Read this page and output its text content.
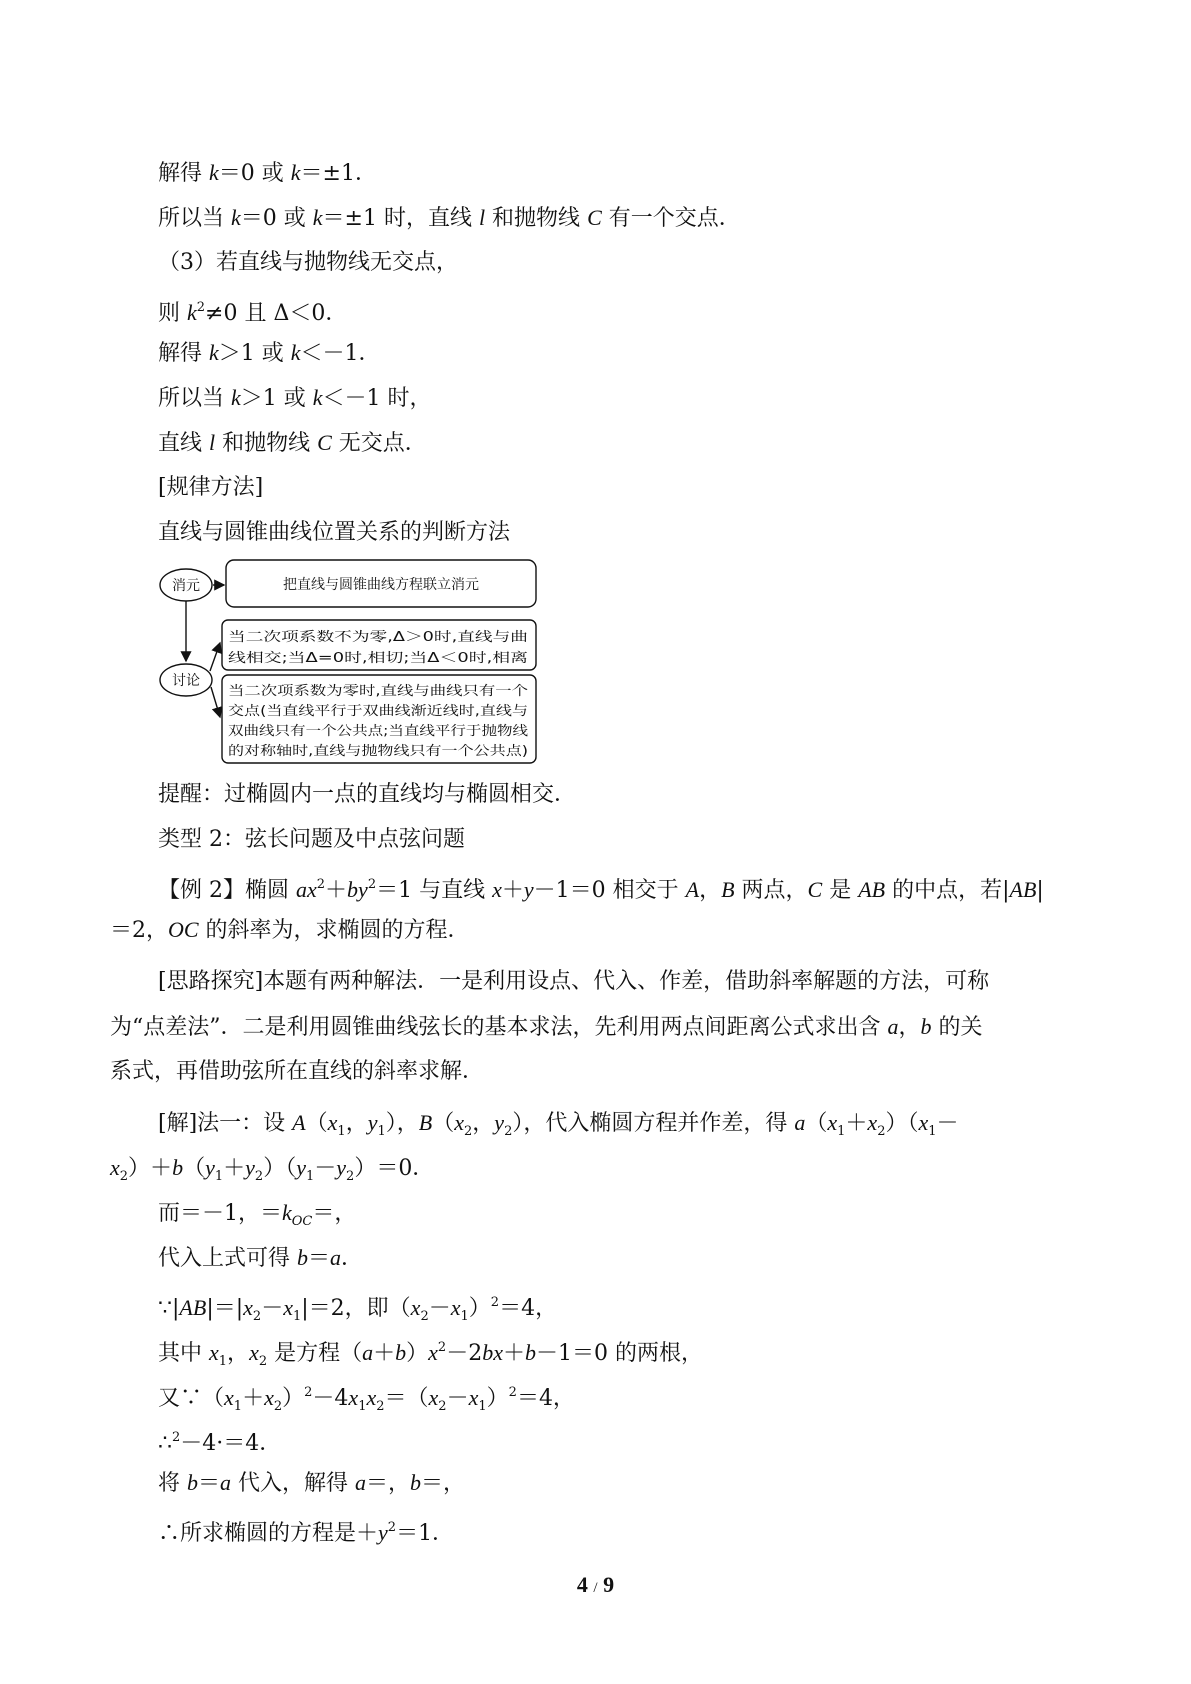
解得 k＝0 或 k＝±1．
所以当 k＝0 或 k＝±1 时，直线 l 和抛物线 C 有一个交点．
（3）若直线与抛物线无交点，
则 $k^2\ne 0$ 且 Δ＜0．
解得 k＞1 或 k＜－1．
所以当 k＞1 或 k＜－1 时，
直线 l 和抛物线 C 无交点．
[规律方法]
直线与圆锥曲线位置关系的判断方法
消元
讨论
把直线与圆锥曲线方程联立消元
当二次项系数不为零,Δ＞0时,直线与曲
线相交;当Δ=0时,相切;当Δ＜0时,相离
当二次项系数为零时,直线与曲线只有一个
交点(当直线平行于双曲线渐近线时,直线与
双曲线只有一个公共点;当直线平行于抛物线
的对称轴时,直线与抛物线只有一个公共点)
提醒：过椭圆内一点的直线均与椭圆相交．
类型 2：弦长问题及中点弦问题
【例 2】椭圆 $ax^2+by^2=1$ 与直线 x＋y－1＝0 相交于 A，B 两点，C 是 AB 的中点，若|AB|
＝2，OC 的斜率为，求椭圆的方程．
[思路探究]本题有两种解法．一是利用设点、代入、作差，借助斜率解题的方法，可称
为“点差法”．二是利用圆锥曲线弦长的基本求法，先利用两点间距离公式求出含 a，b 的关
系式，再借助弦所在直线的斜率求解．
[解]法一：设 $A(x_1$，$y_1$），$B(x_2$，$y_2$），代入椭圆方程并作差，得 $a(x_1+x_2)(x_1-$
$x_2)+b(y_1+y_2)(y_1-y_2)=0$．
而＝－1，$=k_{OC}=$，
代入上式可得 b＝a．
$\because|AB|=|x_2-x_1|=2$，即$(x_2-x_1)^2=4$，
其中 $x_1$，$x_2$ 是方程$(a+b)x^2-2bx+b-1=0$ 的两根，
又$\because(x_1+x_2)^2-4x_1x_2=(x_2-x_1)^2=4$，
∴$^2$－4·＝4．
将 b＝a 代入，解得 a＝，b＝，
∴所求椭圆的方程是$+y^2=1$．
4 / 9
